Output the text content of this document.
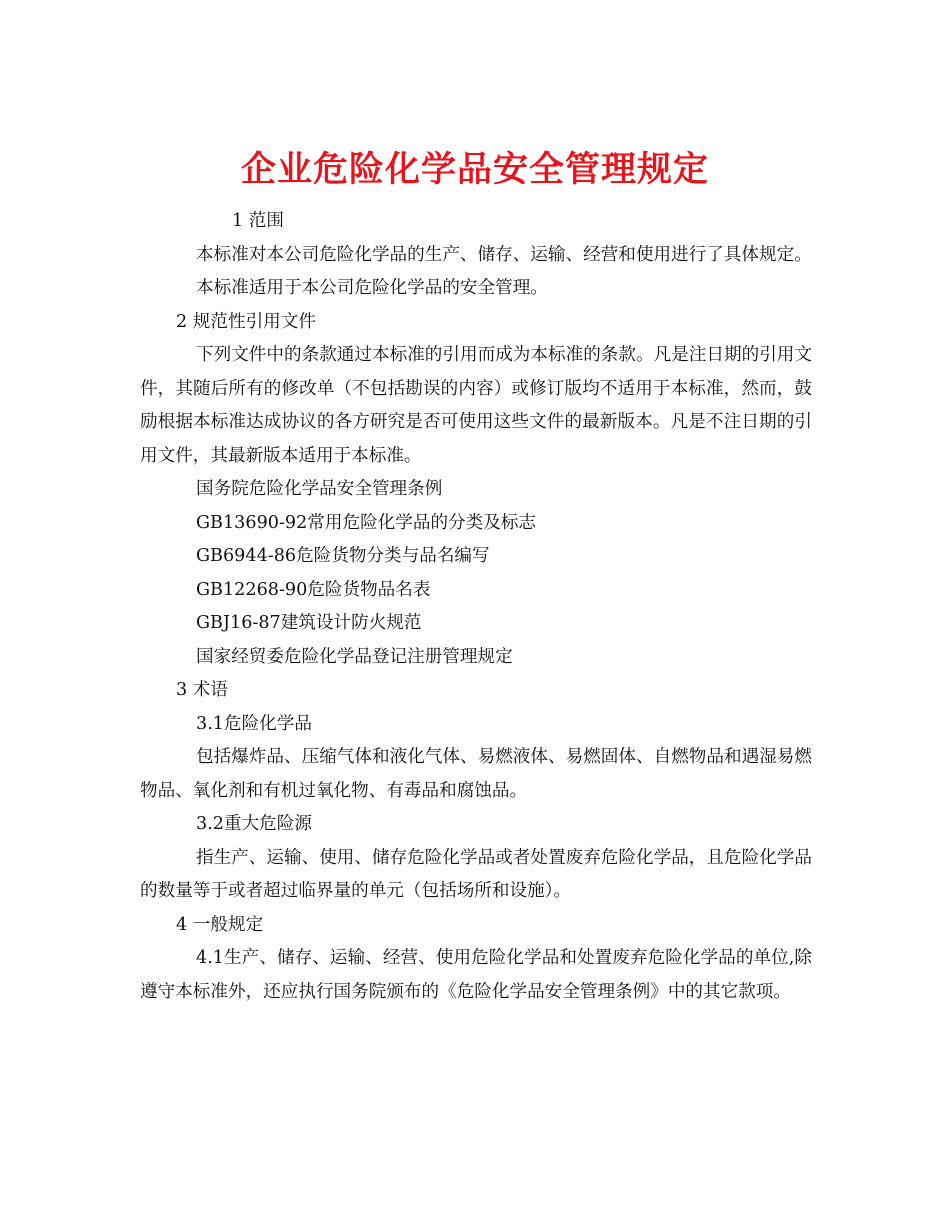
企业危险化学品安全管理规定

1 范围

本标准对本公司危险化学品的生产、储存、运输、经营和使用进行了具体规定。

本标准适用于本公司危险化学品的安全管理。

2 规范性引用文件

下列文件中的条款通过本标准的引用而成为本标准的条款。凡是注日期的引用文件，其随后所有的修改单（不包括勘误的内容）或修订版均不适用于本标准，然而，鼓励根据本标准达成协议的各方研究是否可使用这些文件的最新版本。凡是不注日期的引用文件，其最新版本适用于本标准。

国务院危险化学品安全管理条例

GB13690-92常用危险化学品的分类及标志

GB6944-86危险货物分类与品名编写

GB12268-90危险货物品名表

GBJ16-87建筑设计防火规范

国家经贸委危险化学品登记注册管理规定

3 术语

3.1危险化学品

包括爆炸品、压缩气体和液化气体、易燃液体、易燃固体、自燃物品和遇湿易燃物品、氧化剂和有机过氧化物、有毒品和腐蚀品。

3.2重大危险源

指生产、运输、使用、储存危险化学品或者处置废弃危险化学品，且危险化学品的数量等于或者超过临界量的单元（包括场所和设施）。

4 一般规定

4.1生产、储存、运输、经营、使用危险化学品和处置废弃危险化学品的单位,除遵守本标准外，还应执行国务院颁布的《危险化学品安全管理条例》中的其它款项。
